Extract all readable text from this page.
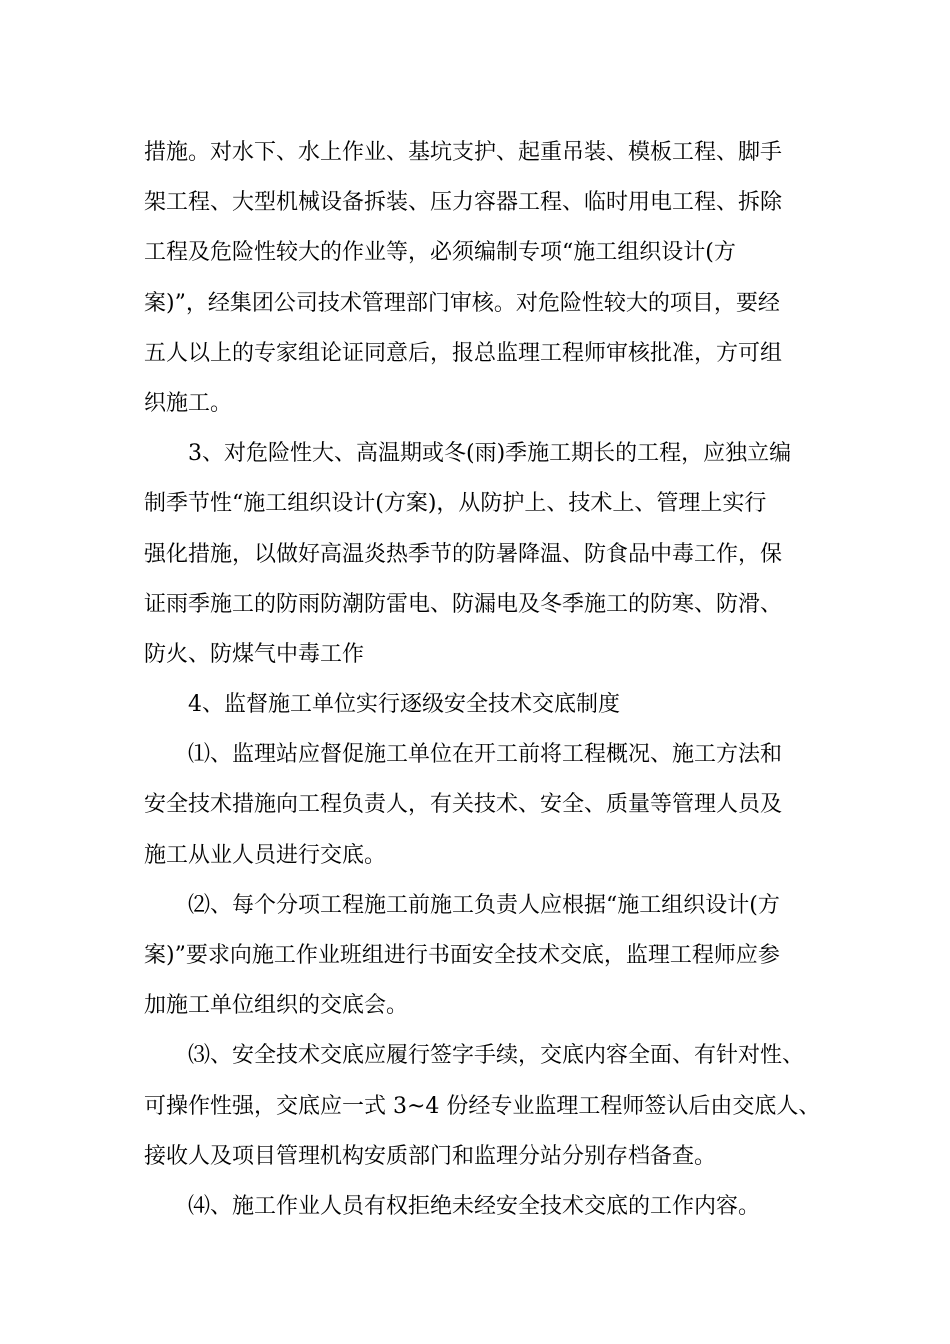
措施。对水下、水上作业、基坑支护、起重吊装、模板工程、脚手
架工程、大型机械设备拆装、压力容器工程、临时用电工程、拆除
工程及危险性较大的作业等，必须编制专项“施工组织设计(方
案)”，经集团公司技术管理部门审核。对危险性较大的项目，要经
五人以上的专家组论证同意后，报总监理工程师审核批准，方可组
织施工。
3、对危险性大、高温期或冬(雨)季施工期长的工程，应独立编
制季节性“施工组织设计(方案)，从防护上、技术上、管理上实行
强化措施，以做好高温炎热季节的防暑降温、防食品中毒工作，保
证雨季施工的防雨防潮防雷电、防漏电及冬季施工的防寒、防滑、
防火、防煤气中毒工作
4、监督施工单位实行逐级安全技术交底制度
⑴、监理站应督促施工单位在开工前将工程概况、施工方法和
安全技术措施向工程负责人，有关技术、安全、质量等管理人员及
施工从业人员进行交底。
⑵、每个分项工程施工前施工负责人应根据“施工组织设计(方
案)”要求向施工作业班组进行书面安全技术交底，监理工程师应参
加施工单位组织的交底会。
⑶、安全技术交底应履行签字手续，交底内容全面、有针对性、
可操作性强，交底应一式 3~4 份经专业监理工程师签认后由交底人、
接收人及项目管理机构安质部门和监理分站分别存档备查。
⑷、施工作业人员有权拒绝未经安全技术交底的工作内容。
